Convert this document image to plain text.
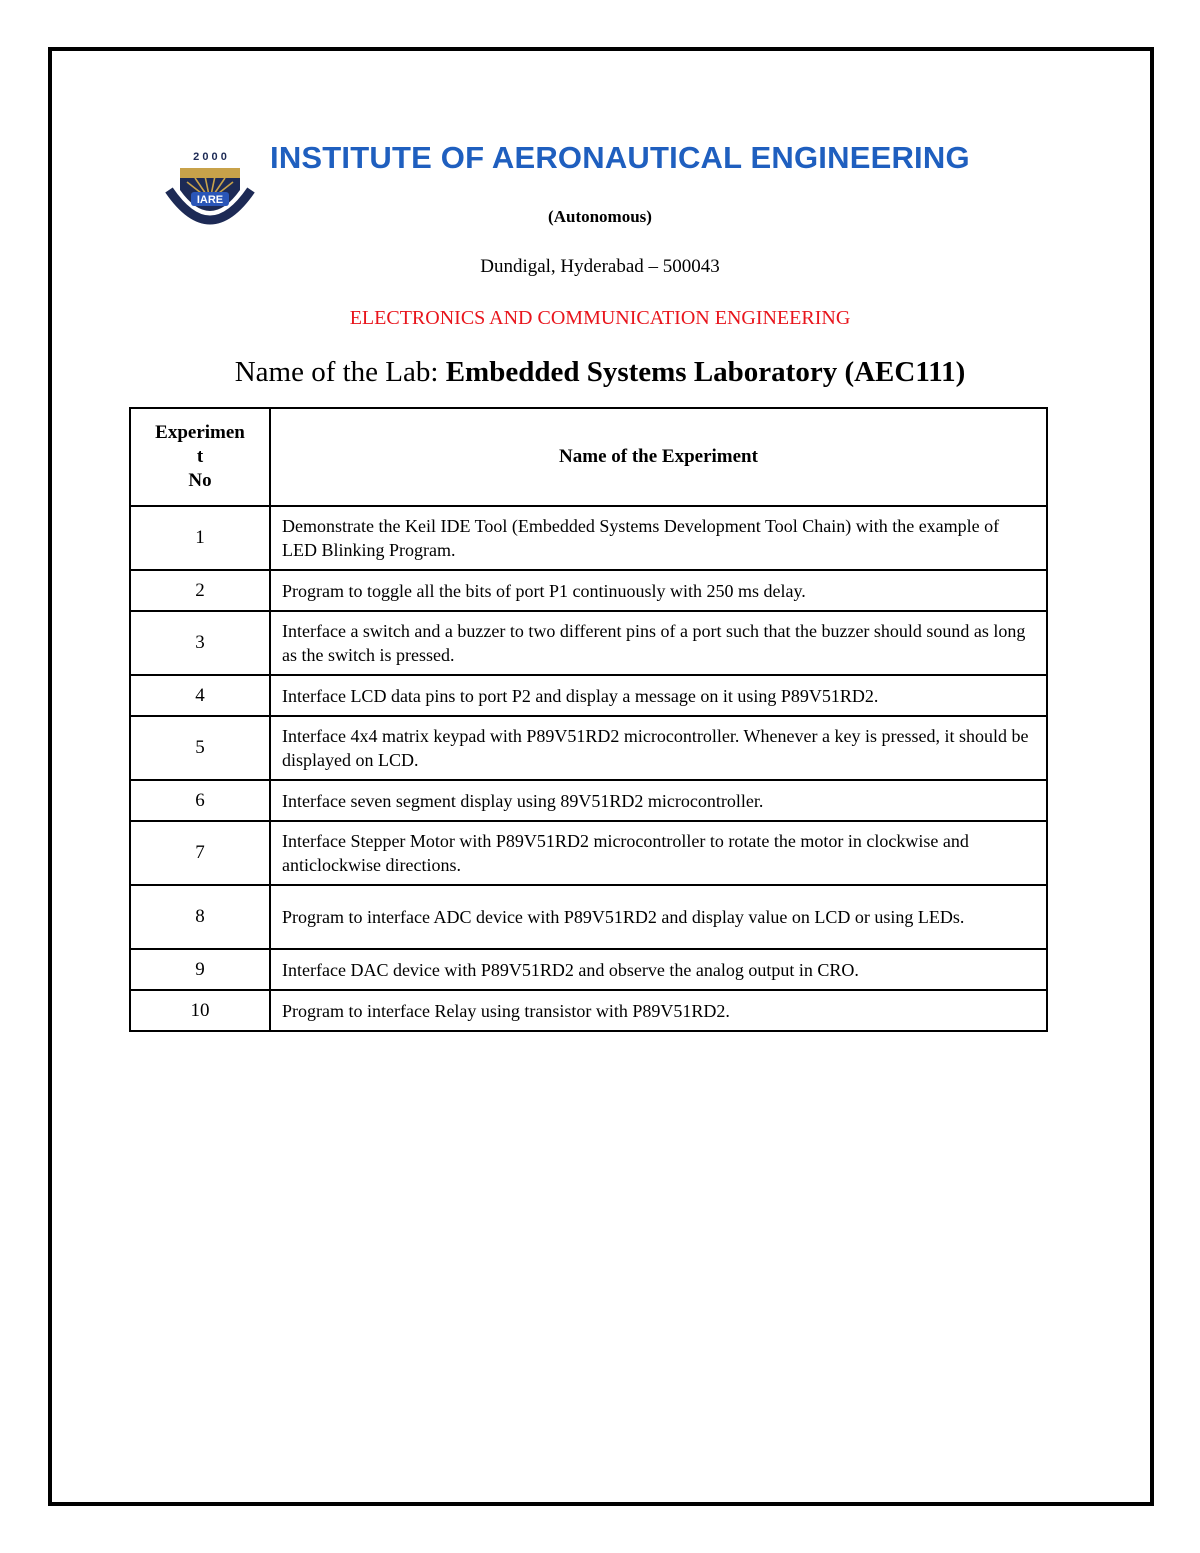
IARE
2 0 0 0 INSTITUTE OF AERONAUTICAL ENGINEERING
(Autonomous)
Dundigal, Hyderabad – 500043
ELECTRONICS AND COMMUNICATION ENGINEERING
Name of the Lab: Embedded Systems Laboratory (AEC111)
Experimen
t
No	Name of the Experiment
1	Demonstrate the Keil IDE Tool (Embedded Systems Development Tool Chain) with the example of LED Blinking Program.
2	Program to toggle all the bits of port P1 continuously with 250 ms delay.
3	Interface a switch and a buzzer to two different pins of a port such that the buzzer should sound as long as the switch is pressed.
4	Interface LCD data pins to port P2 and display a message on it using P89V51RD2.
5	Interface 4x4 matrix keypad with P89V51RD2 microcontroller. Whenever a key is pressed, it should be displayed on LCD.
6	Interface seven segment display using 89V51RD2 microcontroller.
7	Interface Stepper Motor with P89V51RD2 microcontroller to rotate the motor in clockwise and anticlockwise directions.
8	Program to interface ADC device with P89V51RD2 and display value on LCD or using LEDs.
9	Interface DAC device with P89V51RD2 and observe the analog output in CRO.
10	Program to interface Relay using transistor with P89V51RD2.
